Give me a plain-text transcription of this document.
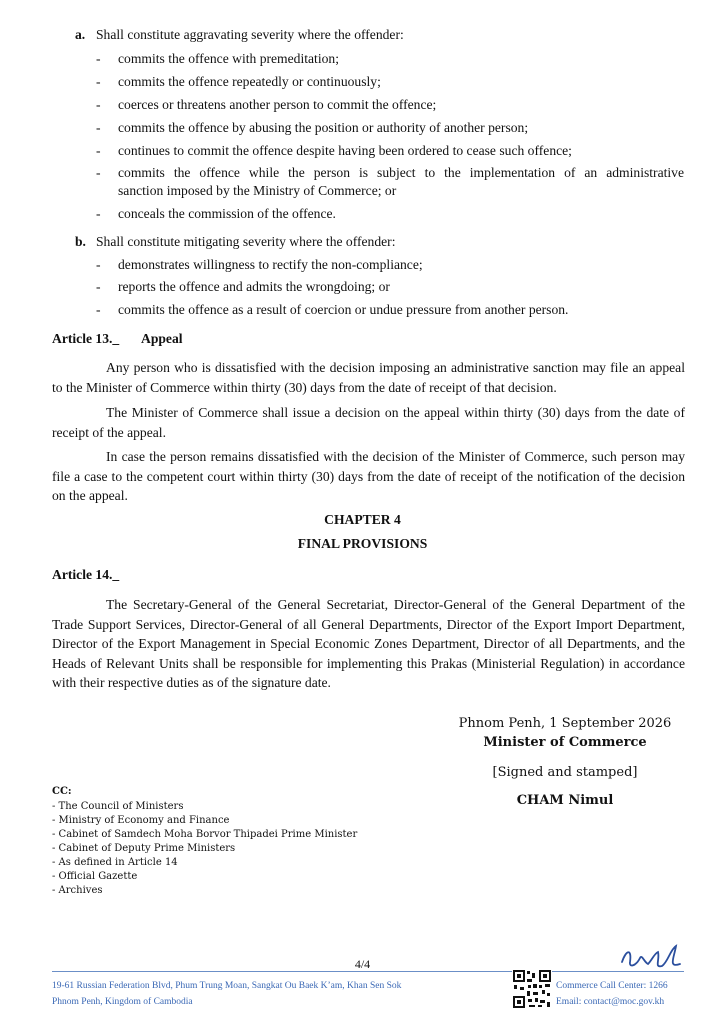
a. Shall constitute aggravating severity where the offender:
- commits the offence with premeditation;
- commits the offence repeatedly or continuously;
- coerces or threatens another person to commit the offence;
- commits the offence by abusing the position or authority of another person;
- continues to commit the offence despite having been ordered to cease such offence;
- commits the offence while the person is subject to the implementation of an administrative
sanction imposed by the Ministry of Commerce; or
- conceals the commission of the offence.
b. Shall constitute mitigating severity where the offender:
- demonstrates willingness to rectify the non-compliance;
- reports the offence and admits the wrongdoing; or
- commits the offence as a result of coercion or undue pressure from another person.
Article 13._ Appeal
Any person who is dissatisfied with the decision imposing an administrative sanction may file an appeal to the Minister of Commerce within thirty (30) days from the date of receipt of that decision.
The Minister of Commerce shall issue a decision on the appeal within thirty (30) days from the date of receipt of the appeal.
In case the person remains dissatisfied with the decision of the Minister of Commerce, such person may file a case to the competent court within thirty (30) days from the date of receipt of the notification of the decision on the appeal.
CHAPTER 4
FINAL PROVISIONS
Article 14._
The Secretary-General of the General Secretariat, Director-General of the General Department of the Trade Support Services, Director-General of all General Departments, Director of the Export Import Department, Director of the Export Management in Special Economic Zones Department, Director of all Departments, and the Heads of Relevant Units shall be responsible for implementing this Prakas (Ministerial Regulation) in accordance with their respective duties as of the signature date.
Phnom Penh, 1 September 2026
Minister of Commerce
[Signed and stamped]
CHAM Nimul
CC:
- The Council of Ministers
- Ministry of Economy and Finance
- Cabinet of Samdech Moha Borvor Thipadei Prime Minister
- Cabinet of Deputy Prime Ministers
- As defined in Article 14
- Official Gazette
- Archives
4/4
19-61 Russian Federation Blvd, Phum Trung Moan, Sangkat Ou Baek K’am, Khan Sen Sok
Phnom Penh, Kingdom of Cambodia
Commerce Call Center: 1266
Email: contact@moc.gov.kh
